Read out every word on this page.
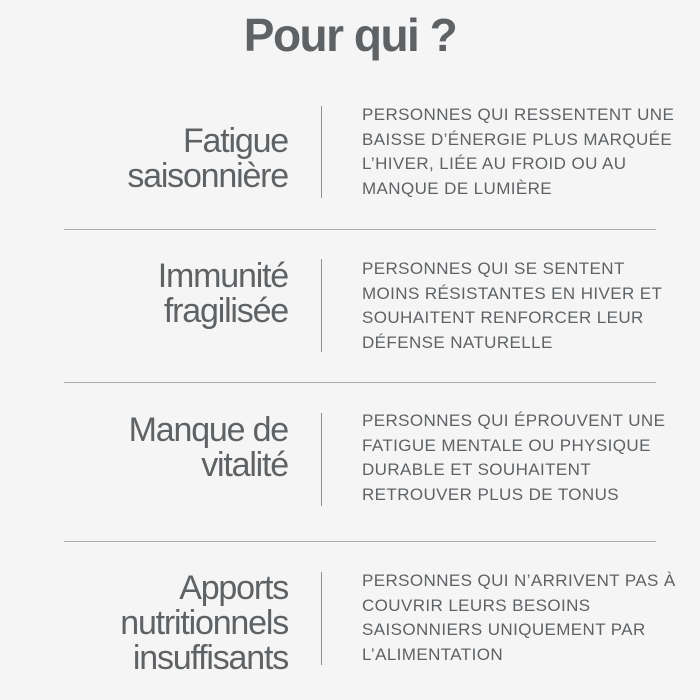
Pour qui ?
Fatigue
saisonnière
PERSONNES QUI RESSENTENT UNE
BAISSE D’ÉNERGIE PLUS MARQUÉE
L’HIVER, LIÉE AU FROID OU AU
MANQUE DE LUMIÈRE
Immunité
fragilisée
PERSONNES QUI SE SENTENT
MOINS RÉSISTANTES EN HIVER ET
SOUHAITENT RENFORCER LEUR
DÉFENSE NATURELLE
Manque de
vitalité
PERSONNES QUI ÉPROUVENT UNE
FATIGUE MENTALE OU PHYSIQUE
DURABLE ET SOUHAITENT
RETROUVER PLUS DE TONUS
Apports
nutritionnels
insuffisants
PERSONNES QUI N’ARRIVENT PAS À
COUVRIR LEURS BESOINS
SAISONNIERS UNIQUEMENT PAR
L’ALIMENTATION
